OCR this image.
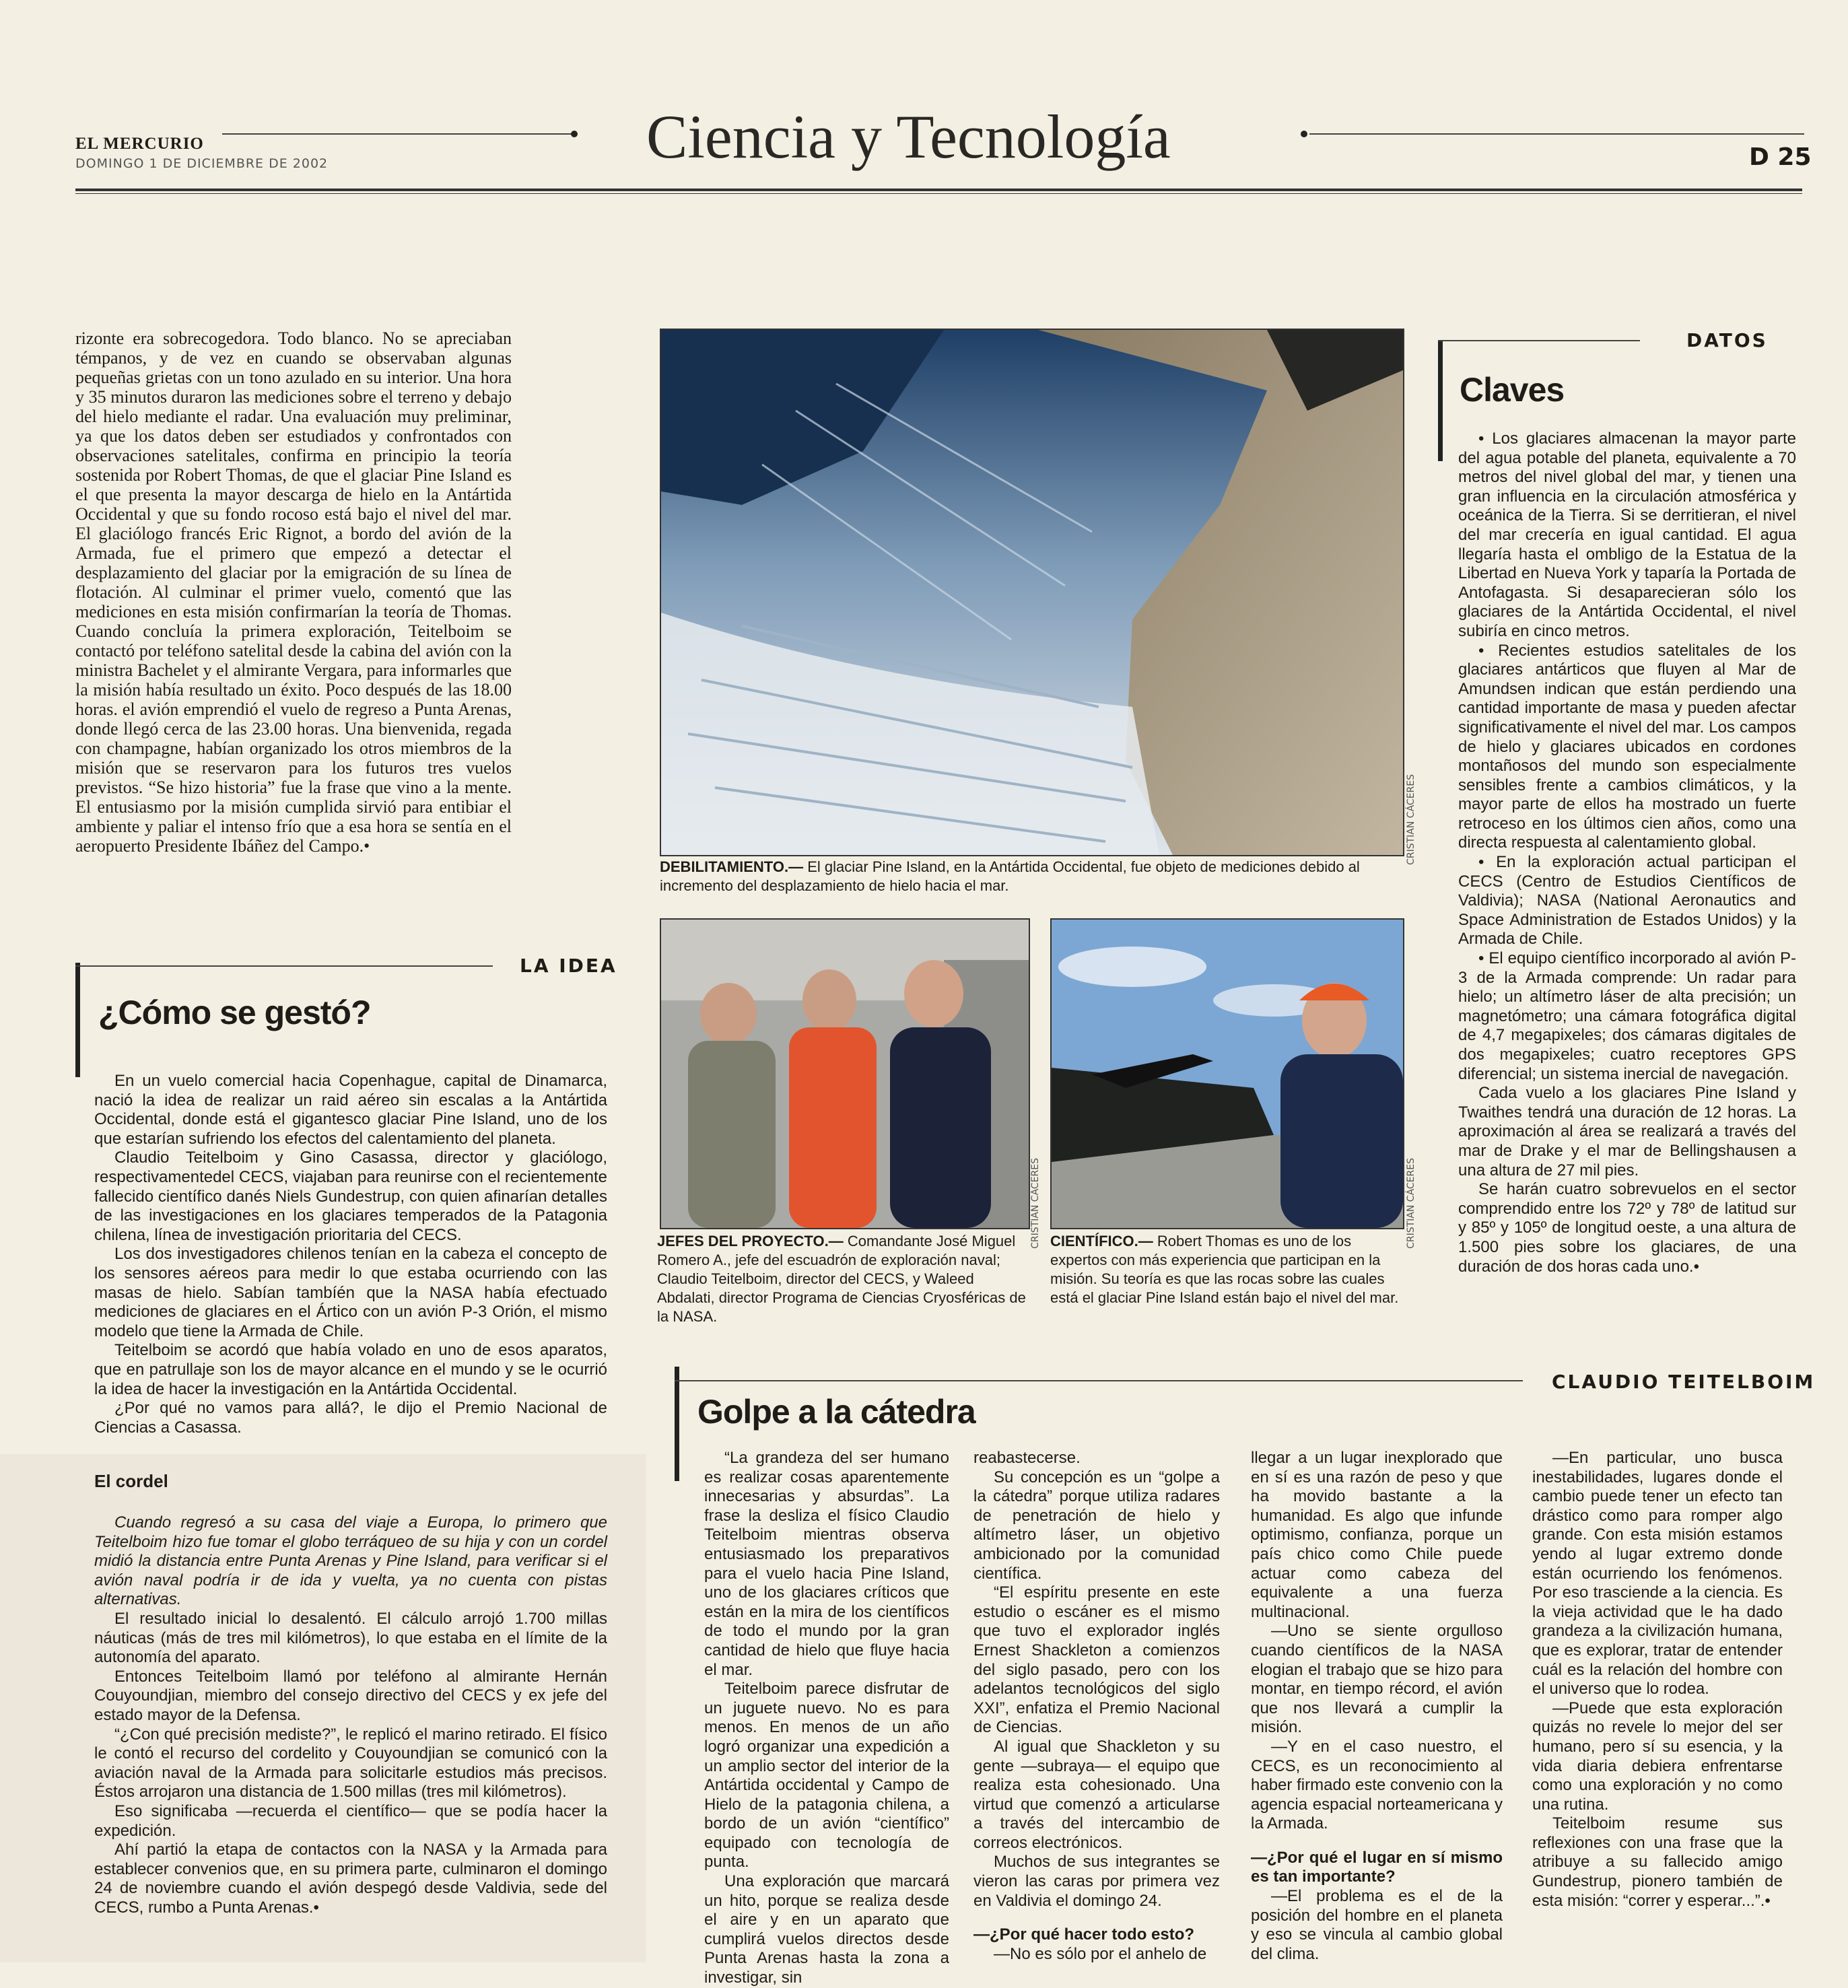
EL MERCURIO
DOMINGO 1 DE DICIEMBRE DE 2002	Ciencia y Tecnología	D 25

rizonte era sobrecogedora. Todo blanco. No se apreciaban témpanos, y de vez en cuando se observaban algunas pequeñas grietas con un tono azulado en su interior. Una hora y 35 minutos duraron las mediciones sobre el terreno y debajo del hielo mediante el radar. Una evaluación muy preliminar, ya que los datos deben ser estudiados y confrontados con observaciones satelitales, confirma en principio la teoría sostenida por Robert Thomas, de que el glaciar Pine Island es el que presenta la mayor descarga de hielo en la Antártida Occidental y que su fondo rocoso está bajo el nivel del mar. El glaciólogo francés Eric Rignot, a bordo del avión de la Armada, fue el primero que empezó a detectar el desplazamiento del glaciar por la emigración de su línea de flotación. Al culminar el primer vuelo, comentó que las mediciones en esta misión confirmarían la teoría de Thomas. Cuando concluía la primera exploración, Teitelboim se contactó por teléfono satelital desde la cabina del avión con la ministra Bachelet y el almirante Vergara, para informarles que la misión había resultado un éxito. Poco después de las 18.00 horas. el avión emprendió el vuelo de regreso a Punta Arenas, donde llegó cerca de las 23.00 horas. Una bienvenida, regada con champagne, habían organizado los otros miembros de la misión que se reservaron para los futuros tres vuelos previstos. “Se hizo historia” fue la frase que vino a la mente. El entusiasmo por la misión cumplida sirvió para entibiar el ambiente y paliar el intenso frío que a esa hora se sentía en el aeropuerto Presidente Ibáñez del Campo.•

LA IDEA
¿Cómo se gestó?

En un vuelo comercial hacia Copenhague, capital de Dinamarca, nació la idea de realizar un raid aéreo sin escalas a la Antártida Occidental, donde está el gigantesco glaciar Pine Island, uno de los que estarían sufriendo los efectos del calentamiento del planeta.

Claudio Teitelboim y Gino Casassa, director y glaciólogo, respectivamentedel CECS, viajaban para reunirse con el recientemente fallecido científico danés Niels Gundestrup, con quien afinarían detalles de las investigaciones en los glaciares temperados de la Patagonia chilena, línea de investigación prioritaria del CECS.

Los dos investigadores chilenos tenían en la cabeza el concepto de los sensores aéreos para medir lo que estaba ocurriendo con las masas de hielo. Sabían tambíén que la NASA había efectuado mediciones de glaciares en el Ártico con un avión P-3 Orión, el mismo modelo que tiene la Armada de Chile.

Teitelboim se acordó que había volado en uno de esos aparatos, que en patrullaje son los de mayor alcance en el mundo y se le ocurrió la idea de hacer la investigación en la Antártida Occidental.

¿Por qué no vamos para allá?, le dijo el Premio Nacional de Ciencias a Casassa.

El cordel

Cuando regresó a su casa del viaje a Europa, lo primero que Teitelboim hizo fue tomar el globo terráqueo de su hija y con un cordel midió la distancia entre Punta Arenas y Pine Island, para verificar si el avión naval podría ir de ida y vuelta, ya no cuenta con pistas alternativas.

El resultado inicial lo desalentó. El cálculo arrojó 1.700 millas náuticas (más de tres mil kilómetros), lo que estaba en el límite de la autonomía del aparato.

Entonces Teitelboim llamó por teléfono al almirante Hernán Couyoundjian, miembro del consejo directivo del CECS y ex jefe del estado mayor de la Defensa.

“¿Con qué precisión mediste?”, le replicó el marino retirado. El físico le contó el recurso del cordelito y Couyoundjian se comunicó con la aviación naval de la Armada para solicitarle estudios más precisos. Éstos arrojaron una distancia de 1.500 millas (tres mil kilómetros).

Eso significaba —recuerda el científico— que se podía hacer la expedición.

Ahí partió la etapa de contactos con la NASA y la Armada para establecer convenios que, en su primera parte, culminaron el domingo 24 de noviembre cuando el avión despegó desde Valdivia, sede del CECS, rumbo a Punta Arenas.•

CRISTIAN CÁCERES
DEBILITAMIENTO.— El glaciar Pine Island, en la Antártida Occidental, fue objeto de mediciones debido al incremento del desplazamiento de hielo hacia el mar.
CRISTIAN CÁCERES
JEFES DEL PROYECTO.— Comandante José Miguel Romero A., jefe del escuadrón de exploración naval; Claudio Teitelboim, director del CECS, y Waleed Abdalati, director Programa de Ciencias Cryosféricas de la NASA.
CRISTIAN CÁCERES
CIENTÍFICO.— Robert Thomas es uno de los expertos con más experiencia que participan en la misión. Su teoría es que las rocas sobre las cuales está el glaciar Pine Island están bajo el nivel del mar.
DATOS
Claves

• Los glaciares almacenan la mayor parte del agua potable del planeta, equivalente a 70 metros del nivel global del mar, y tienen una gran influencia en la circulación atmosférica y oceánica de la Tierra. Si se derritieran, el nivel del mar crecería en igual cantidad. El agua llegaría hasta el ombligo de la Estatua de la Libertad en Nueva York y taparía la Portada de Antofagasta. Si desaparecieran sólo los glaciares de la Antártida Occidental, el nivel subiría en cinco metros.

• Recientes estudios satelitales de los glaciares antárticos que fluyen al Mar de Amundsen indican que están perdiendo una cantidad importante de masa y pueden afectar significativamente el nivel del mar. Los campos de hielo y glaciares ubicados en cordones montañosos del mundo son especialmente sensibles frente a cambios climáticos, y la mayor parte de ellos ha mostrado un fuerte retroceso en los últimos cien años, como una directa respuesta al calentamiento global.

• En la exploración actual participan el CECS (Centro de Estudios Científicos de Valdivia); NASA (National Aeronautics and Space Administration de Estados Unidos) y la Armada de Chile.

• El equipo científico incorporado al avión P-3 de la Armada comprende: Un radar para hielo; un altímetro láser de alta precisión; un magnetómetro; una cámara fotográfica digital de 4,7 megapixeles; dos cámaras digitales de dos megapixeles; cuatro receptores GPS diferencial; un sistema inercial de navegación.

Cada vuelo a los glaciares Pine Island y Twaithes tendrá una duración de 12 horas. La aproximación al área se realizará a través del mar de Drake y el mar de Bellingshausen a una altura de 27 mil pies.

Se harán cuatro sobrevuelos en el sector comprendido entre los 72º y 78º de latitud sur y 85º y 105º de longitud oeste, a una altura de 1.500 pies sobre los glaciares, de una duración de dos horas cada uno.•

CLAUDIO TEITELBOIM
Golpe a la cátedra

“La grandeza del ser humano es realizar cosas aparentemente innecesarias y absurdas”. La frase la desliza el físico Claudio Teitelboim mientras observa entusiasmado los preparativos para el vuelo hacia Pine Island, uno de los glaciares críticos que están en la mira de los científicos de todo el mundo por la gran cantidad de hielo que fluye hacia el mar.

Teitelboim parece disfrutar de un juguete nuevo. No es para menos. En menos de un año logró organizar una expedición a un amplio sector del interior de la Antártida occidental y Campo de Hielo de la patagonia chilena, a bordo de un avión “científico” equipado con tecnología de punta.

Una exploración que marcará un hito, porque se realiza desde el aire y en un aparato que cumplirá vuelos directos desde Punta Arenas hasta la zona a investigar, sin

reabastecerse.

Su concepción es un “golpe a la cátedra” porque utiliza radares de penetración de hielo y altímetro láser, un objetivo ambicionado por la comunidad científica.

“El espíritu presente en este estudio o escáner es el mismo que tuvo el explorador inglés Ernest Shackleton a comienzos del siglo pasado, pero con los adelantos tecnológicos del siglo XXI”, enfatiza el Premio Nacional de Ciencias.

Al igual que Shackleton y su gente —subraya— el equipo que realiza esta cohesionado. Una virtud que comenzó a articularse a través del intercambio de correos electrónicos.

Muchos de sus integrantes se vieron las caras por primera vez en Valdivia el domingo 24.

—¿Por qué hacer todo esto?

—No es sólo por el anhelo de

llegar a un lugar inexplorado que en sí es una razón de peso y que ha movido bastante a la humanidad. Es algo que infunde optimismo, confianza, porque un país chico como Chile puede actuar como cabeza del equivalente a una fuerza multinacional.

—Uno se siente orgulloso cuando científicos de la NASA elogian el trabajo que se hizo para montar, en tiempo récord, el avión que nos llevará a cumplir la misión.

—Y en el caso nuestro, el CECS, es un reconocimiento al haber firmado este convenio con la agencia espacial norteamericana y la Armada.

—¿Por qué el lugar en sí mismo es tan importante?

—El problema es el de la posición del hombre en el planeta y eso se vincula al cambio global del clima.

—En particular, uno busca inestabilidades, lugares donde el cambio puede tener un efecto tan drástico como para romper algo grande. Con esta misión estamos yendo al lugar extremo donde están ocurriendo los fenómenos. Por eso trasciende a la ciencia. Es la vieja actividad que le ha dado grandeza a la civilización humana, que es explorar, tratar de entender cuál es la relación del hombre con el universo que lo rodea.

—Puede que esta exploración quizás no revele lo mejor del ser humano, pero sí su esencia, y la vida diaria debiera enfrentarse como una exploración y no como una rutina.

Teitelboim resume sus reflexiones con una frase que la atribuye a su fallecido amigo Gundestrup, pionero también de esta misión: “correr y esperar...”.•
